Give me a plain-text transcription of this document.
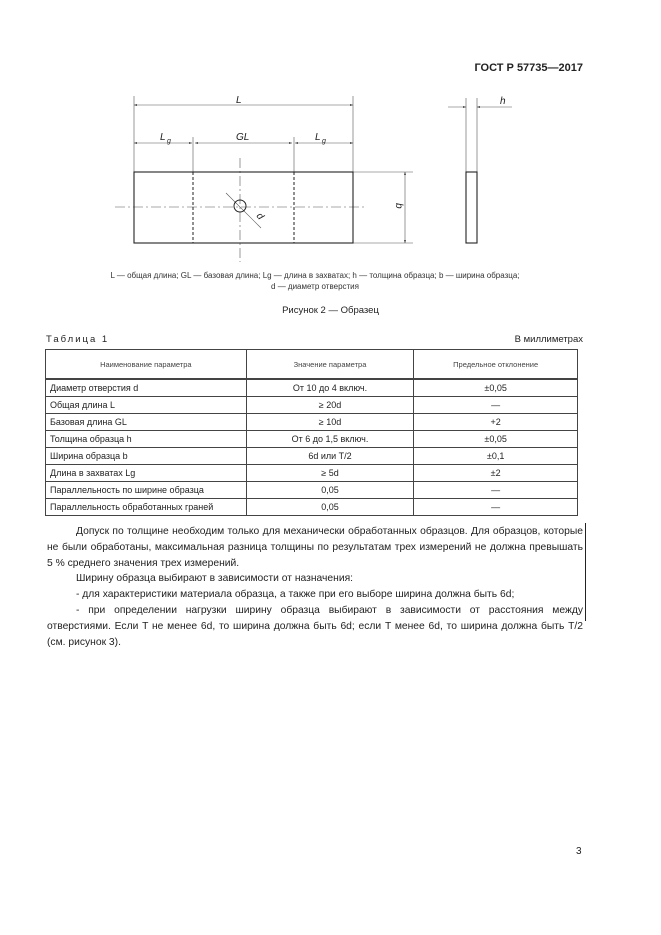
ГОСТ Р 57735—2017
L
L g	GL	L g
h
b
d
L — общая длина; GL — базовая длина; Lg — длина в захватах; h — толщина образца; b — ширина образца;
d — диаметр отверстия
Рисунок 2 — Образец
Таблица 1	В миллиметрах
Наименование параметра	Значение параметра	Предельное отклонение
Диаметр отверстия d	От 10 до 4 включ.	±0,05
Общая длина L	≥ 20d	—
Базовая длина GL	≥ 10d	+2
Толщина образца h	От 6 до 1,5 включ.	±0,05
Ширина образца b	6d или T/2	±0,1
Длина в захватах Lg	≥ 5d	±2
Параллельность по ширине образца	0,05	—
Параллельность обработанных граней	0,05	—

Допуск по толщине необходим только для механически обработанных образцов. Для образцов, которые не были обработаны, максимальная разница толщины по результатам трех измерений не должна превышать 5 % среднего значения трех измерений.

Ширину образца выбирают в зависимости от назначения:

- для характеристики материала образца, а также при его выборе ширина должна быть 6d;

- при определении нагрузки ширину образца выбирают в зависимости от расстояния между отверстиями. Если T не менее 6d, то ширина должна быть 6d; если T менее 6d, то ширина должна быть T/2 (см. рисунок 3).

3
